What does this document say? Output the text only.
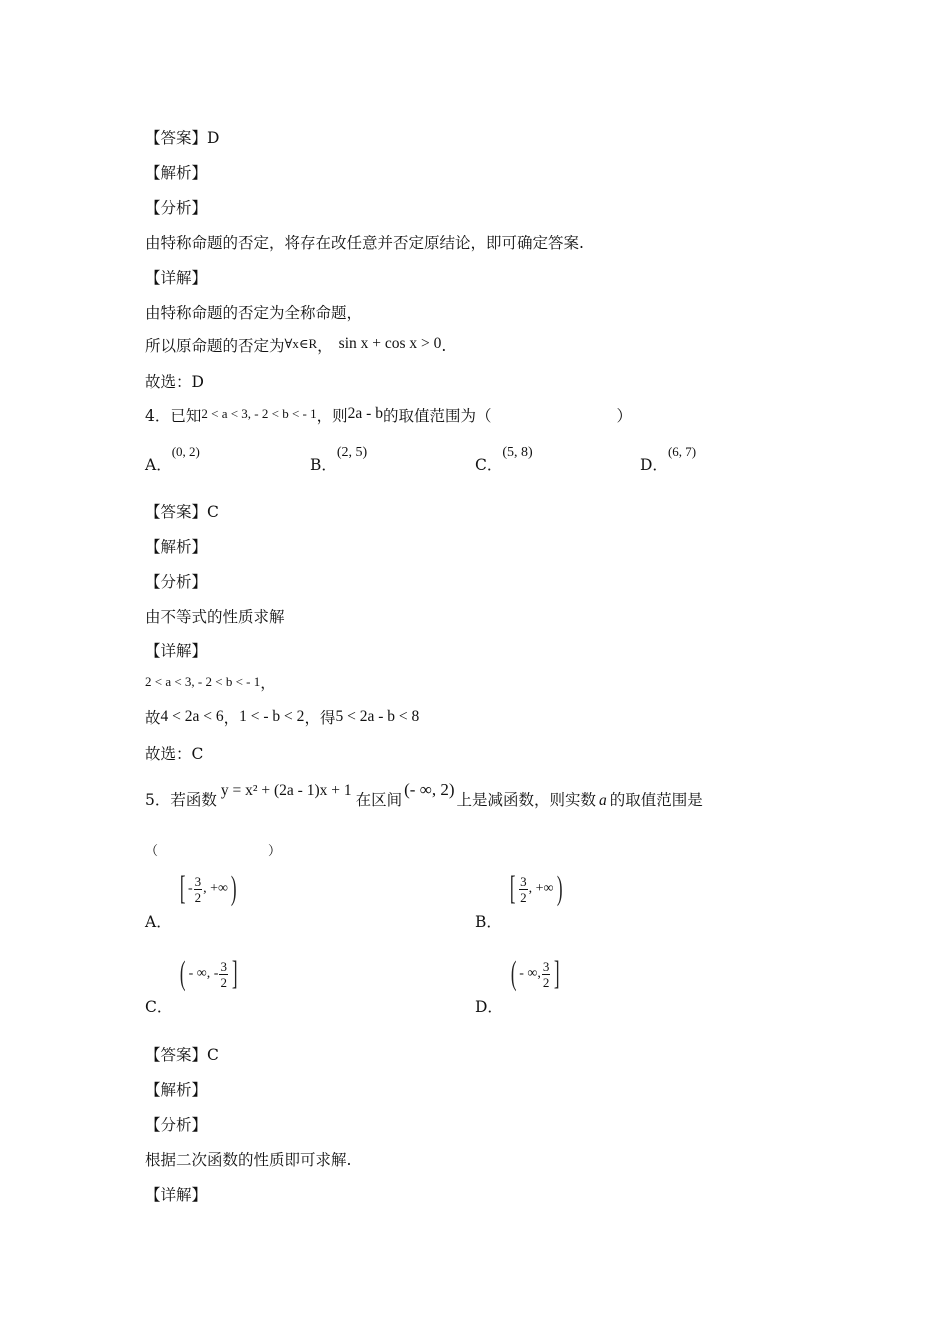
【答案】D
【解析】
【分析】
由特称命题的否定，将存在改任意并否定原结论，即可确定答案.
【详解】
由特称命题的否定为全称命题，
所以原命题的否定为∀x∈R， sin x + cos x > 0.
故选：D
4．已知2 < a < 3, - 2 < b < - 1，则2a - b的取值范围为（	）
A．(0, 2)
B．(2, 5)
C．(5, 8)
D．(6, 7)
【答案】C
【解析】
【分析】
由不等式的性质求解
【详解】
2 < a < 3, - 2 < b < - 1，
故4 < 2a < 6，1 < - b < 2，得5 < 2a - b < 8
故选：C
5．若函数y = x² + (2a - 1)x + 1在区间(- ∞, 2)上是减函数，则实数 a 的取值范围是
（	）
A．
[ - $\frac{3}{2}$ , +∞ )
B．
[ $\frac{3}{2}$ , +∞ )
C．
( - ∞, - $\frac{3}{2}$ ]
D．
( - ∞, $\frac{3}{2}$ ]
【答案】C
【解析】
【分析】
根据二次函数的性质即可求解.
【详解】
